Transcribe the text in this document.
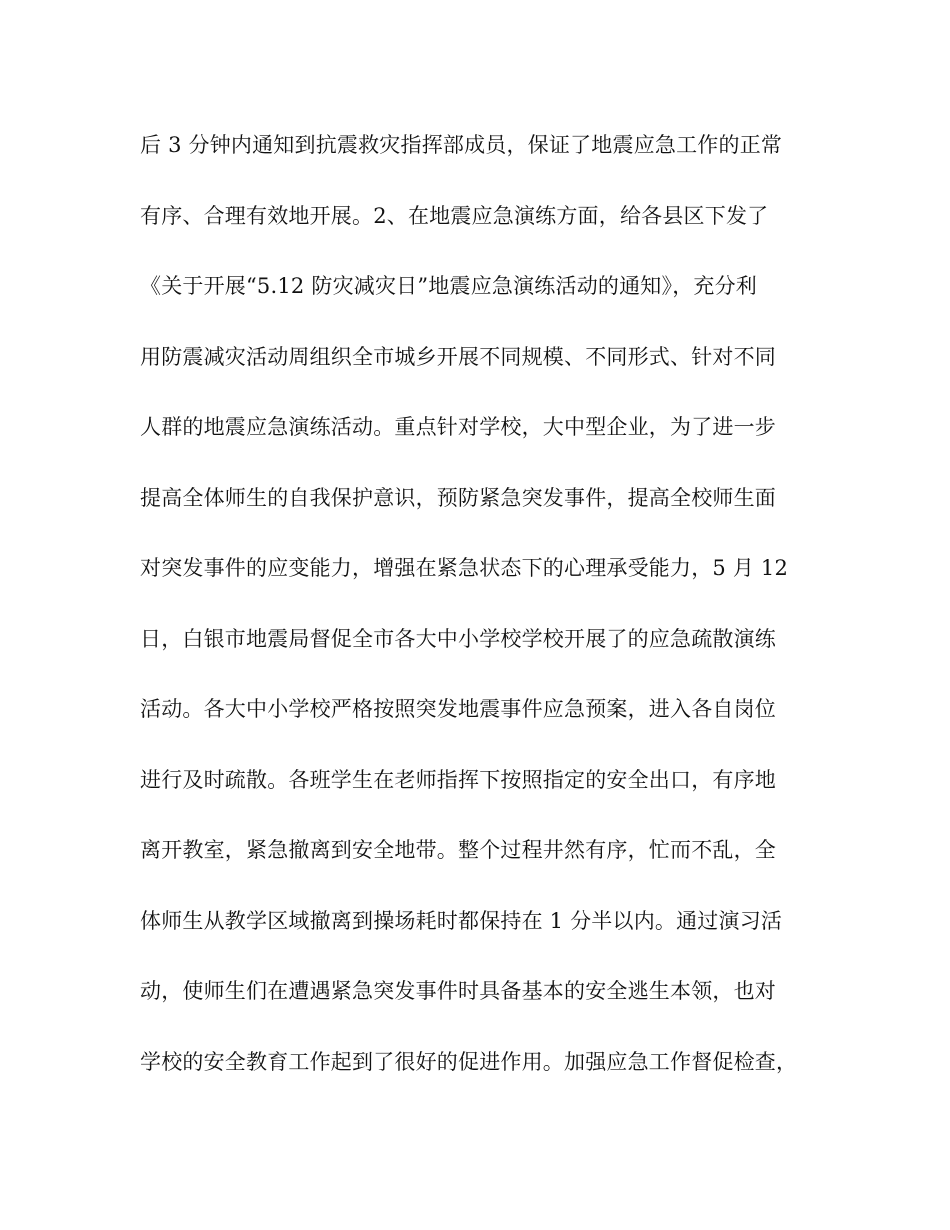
后 3 分钟内通知到抗震救灾指挥部成员，保证了地震应急工作的正常
有序、合理有效地开展。2、在地震应急演练方面，给各县区下发了
《关于开展“5.12 防灾减灾日”地震应急演练活动的通知》，充分利
用防震减灾活动周组织全市城乡开展不同规模、不同形式、针对不同
人群的地震应急演练活动。重点针对学校，大中型企业，为了进一步
提高全体师生的自我保护意识，预防紧急突发事件，提高全校师生面
对突发事件的应变能力，增强在紧急状态下的心理承受能力，5 月 12
日，白银市地震局督促全市各大中小学校学校开展了的应急疏散演练
活动。各大中小学校严格按照突发地震事件应急预案，进入各自岗位
进行及时疏散。各班学生在老师指挥下按照指定的安全出口，有序地
离开教室，紧急撤离到安全地带。整个过程井然有序，忙而不乱，全
体师生从教学区域撤离到操场耗时都保持在 1 分半以内。通过演习活
动，使师生们在遭遇紧急突发事件时具备基本的安全逃生本领，也对
学校的安全教育工作起到了很好的促进作用。加强应急工作督促检查，
